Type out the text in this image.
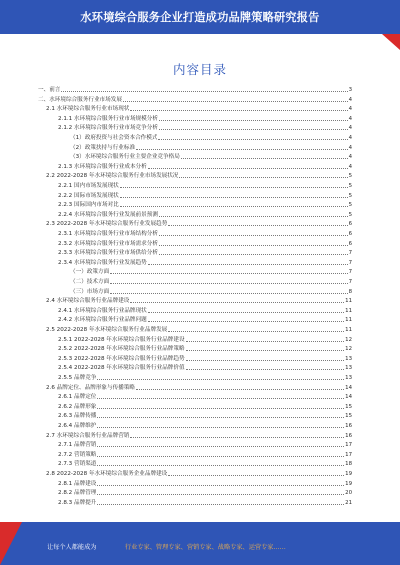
水环境综合服务企业打造成功品牌策略研究报告
内容目录
一、前言	3
二、水环境综合服务行业市场发展	4
2.1 水环境综合服务行业市场现状	4
2.1.1 水环境综合服务行业市场规模分析	4
2.1.2 水环境综合服务行业市场竞争分析	4
（1）政府投资与社会资本合作模式	4
（2）政策扶持与行业标准	4
（3）水环境综合服务行业主要企业竞争格局	4
2.1.3 水环境综合服务行业成本分析	4
2.2 2022-2028 年水环境综合服务行业市场发展状况	5
2.2.1 国内市场发展现状	5
2.2.2 国际市场发展现状	5
2.2.3 国际国内市场对比	5
2.2.4 水环境综合服务行业发展前景预测	5
2.3 2022-2028 年水环境综合服务行业发展趋势	6
2.3.1 水环境综合服务行业市场结构分析	6
2.3.2 水环境综合服务行业市场需求分析	6
2.3.3 水环境综合服务行业市场供给分析	7
2.3.4 水环境综合服务行业发展趋势	7
（一）政策方面	7
（二）技术方面	7
（三）市场方面	8
2.4 水环境综合服务行业品牌建设	11
2.4.1 水环境综合服务行业品牌现状	11
2.4.2 水环境综合服务行业品牌问题	11
2.5 2022-2028 年水环境综合服务行业品牌发展	11
2.5.1 2022-2028 年水环境综合服务行业品牌建设	12
2.5.2 2022-2028 年水环境综合服务行业品牌策略	12
2.5.3 2022-2028 年水环境综合服务行业品牌趋势	13
2.5.4 2022-2028 年水环境综合服务行业品牌价值	13
2.5.5 品牌竞争	13
2.6 品牌定位、品牌形象与传播策略	14
2.6.1 品牌定位	14
2.6.2 品牌形象	15
2.6.3 品牌传播	15
2.6.4 品牌维护	16
2.7 水环境综合服务行业品牌营销	16
2.7.1 品牌营销	17
2.7.2 营销策略	17
2.7.3 营销渠道	18
2.8 2022-2028 年水环境综合服务企业品牌建设	19
2.8.1 品牌建设	19
2.8.2 品牌管理	20
2.8.3 品牌提升	21
让每个人都能成为	行业专家、管理专家、营销专家、战略专家、运营专家……
